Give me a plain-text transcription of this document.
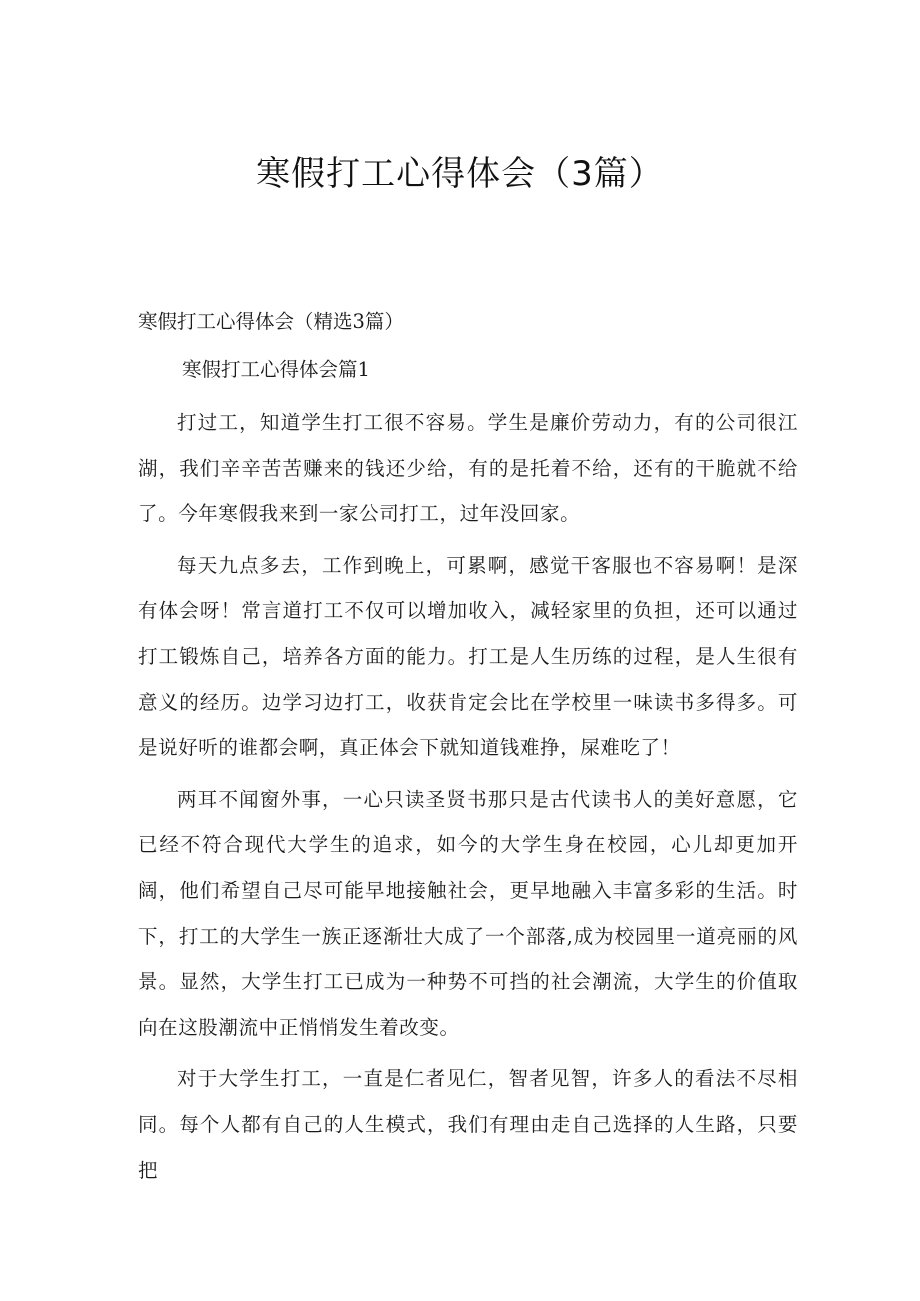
寒假打工心得体会（3篇）

寒假打工心得体会（精选3篇）

寒假打工心得体会篇1

打过工，知道学生打工很不容易。学生是廉价劳动力，有的公司很江湖，我们辛辛苦苦赚来的钱还少给，有的是托着不给，还有的干脆就不给了。今年寒假我来到一家公司打工，过年没回家。

每天九点多去，工作到晚上，可累啊，感觉干客服也不容易啊！是深有体会呀！常言道打工不仅可以增加收入，减轻家里的负担，还可以通过打工锻炼自己，培养各方面的能力。打工是人生历练的过程，是人生很有意义的经历。边学习边打工，收获肯定会比在学校里一味读书多得多。可是说好听的谁都会啊，真正体会下就知道钱难挣，屎难吃了！

两耳不闻窗外事，一心只读圣贤书那只是古代读书人的美好意愿，它已经不符合现代大学生的追求，如今的大学生身在校园，心儿却更加开阔，他们希望自己尽可能早地接触社会，更早地融入丰富多彩的生活。时下，打工的大学生一族正逐渐壮大成了一个部落,成为校园里一道亮丽的风景。显然，大学生打工已成为一种势不可挡的社会潮流，大学生的价值取向在这股潮流中正悄悄发生着改变。

对于大学生打工，一直是仁者见仁，智者见智，许多人的看法不尽相同。每个人都有自己的人生模式，我们有理由走自己选择的人生路，只要把
